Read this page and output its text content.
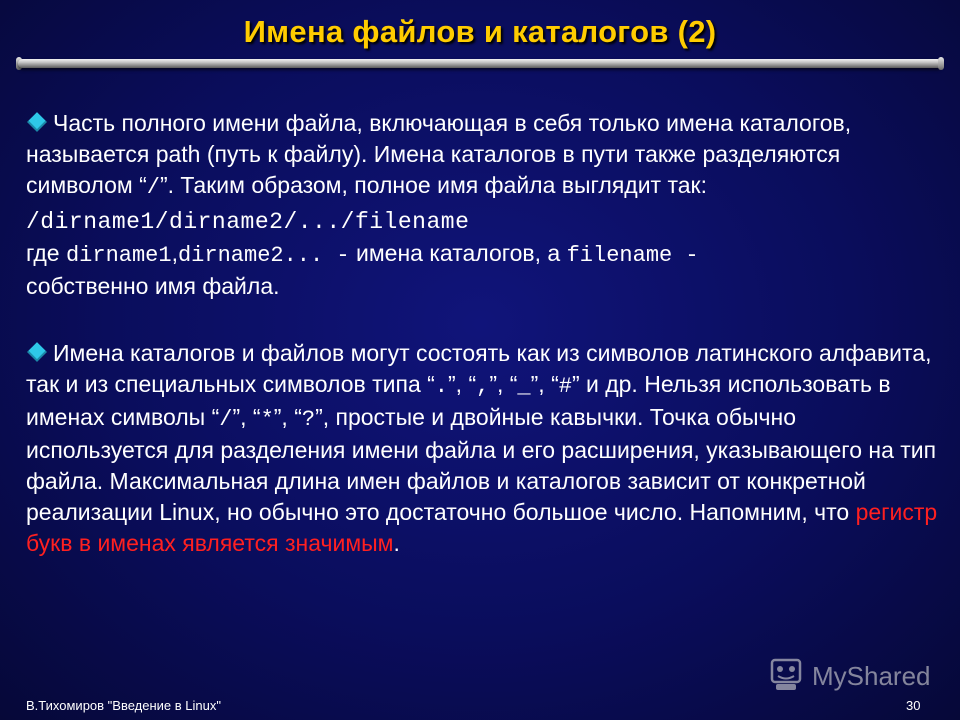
Имена файлов и каталогов (2)

Часть полного имени файла, включающая в себя только имена каталогов, называется path (путь к файлу). Имена каталогов в пути также разделяются символом “/”. Таким образом, полное имя файла выглядит так:

/dirname1/dirname2/.../filename

где dirname1,dirname2... - имена каталогов, а filename -

собственно имя файла.

Имена каталогов и файлов могут состоять как из символов латинского алфавита, так и из специальных символов типа “.”, “,”, “_”, “#” и др. Нельзя использовать в именах символы “/”, “*”, “?”, простые и двойные кавычки. Точка обычно используется для разделения имени файла и его расширения, указывающего на тип файла. Максимальная длина имен файлов и каталогов зависит от конкретной реализации Linux, но обычно это достаточно большое число. Напомним, что регистр букв в именах является значимым.

MyShared
В.Тихомиров "Введение в Linux"	30
